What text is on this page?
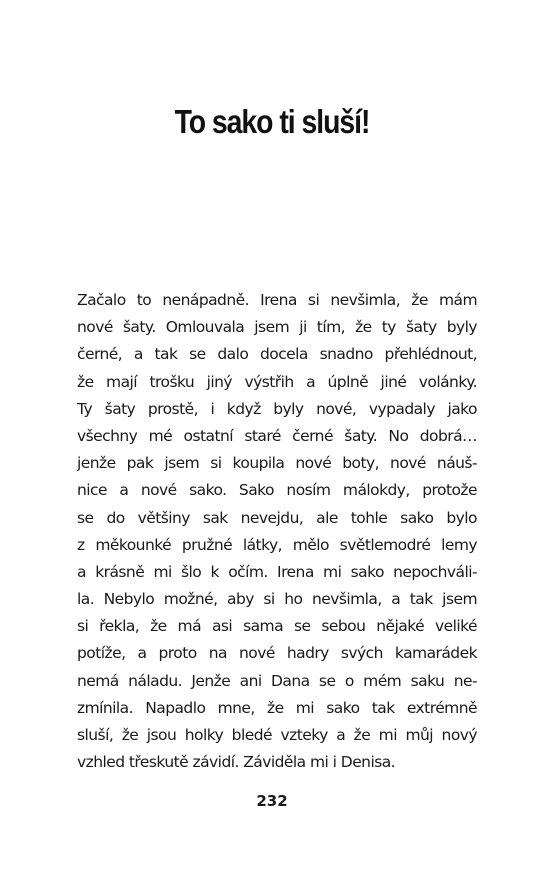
To sako ti sluší!
Začalo to nenápadně. Irena si nevšimla, že mám
nové šaty. Omlouvala jsem ji tím, že ty šaty byly
černé, a tak se dalo docela snadno přehlédnout,
že mají trošku jiný výstřih a úplně jiné volánky.
Ty šaty prostě, i když byly nové, vypadaly jako
všechny mé ostatní staré černé šaty. No dobrá…
jenže pak jsem si koupila nové boty, nové náuš-
nice a nové sako. Sako nosím málokdy, protože
se do většiny sak nevejdu, ale tohle sako bylo
z měkounké pružné látky, mělo světlemodré lemy
a krásně mi šlo k očím. Irena mi sako nepochváli-
la. Nebylo možné, aby si ho nevšimla, a tak jsem
si řekla, že má asi sama se sebou nějaké veliké
potíže, a proto na nové hadry svých kamarádek
nemá náladu. Jenže ani Dana se o mém saku ne-
zmínila. Napadlo mne, že mi sako tak extrémně
sluší, že jsou holky bledé vzteky a že mi můj nový
vzhled třeskutě závidí. Záviděla mi i Denisa.
232
